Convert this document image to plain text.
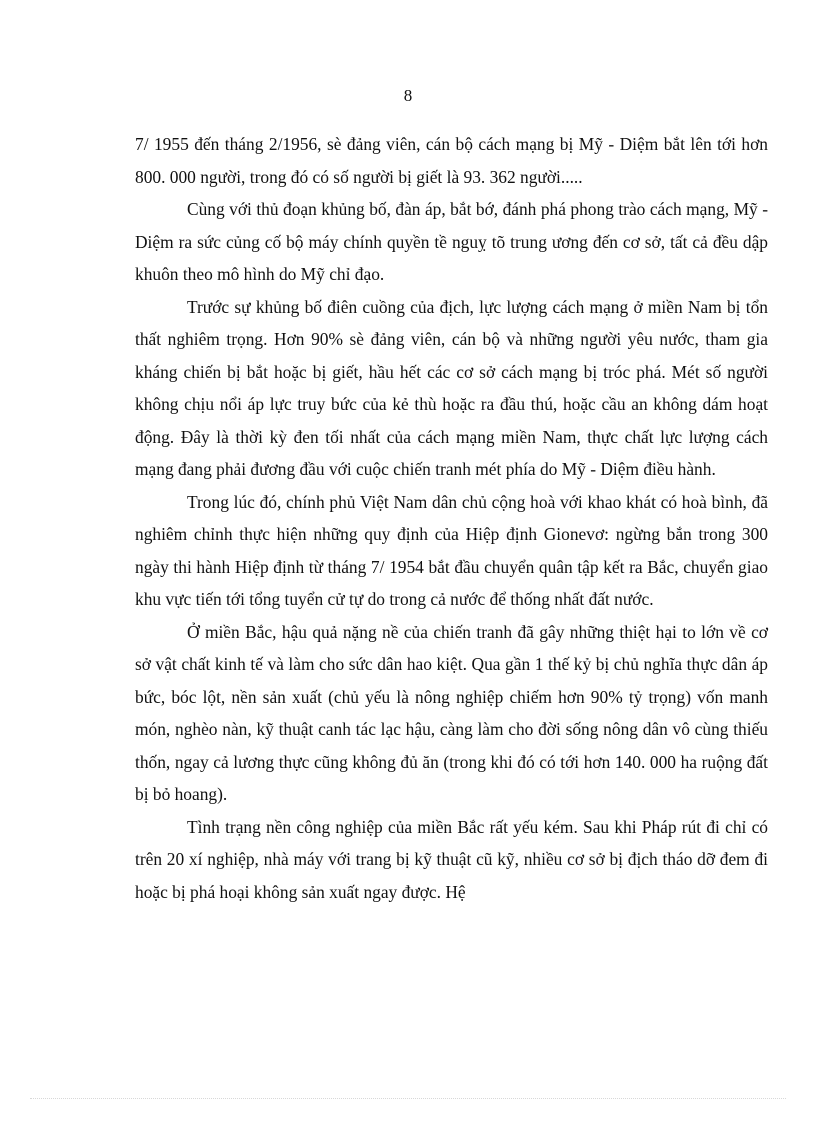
8

7/ 1955 đến tháng 2/1956, sè đảng viên, cán bộ cách mạng bị Mỹ - Diệm bắt lên tới hơn 800. 000 người, trong đó có số người bị giết là 93. 362 người.....

Cùng với thủ đoạn khủng bố, đàn áp, bắt bớ, đánh phá phong trào cách mạng, Mỹ - Diệm ra sức củng cố bộ máy chính quyền tề nguỵ tõ trung ương đến cơ sở, tất cả đều dập khuôn theo mô hình do Mỹ chỉ đạo.

Trước sự khủng bố điên cuồng của địch, lực lượng cách mạng ở miền Nam bị tổn thất nghiêm trọng. Hơn 90% sè đảng viên, cán bộ và những người yêu nước, tham gia kháng chiến bị bắt hoặc bị giết, hầu hết các cơ sở cách mạng bị tróc phá. Mét số người không chịu nổi áp lực truy bức của kẻ thù hoặc ra đầu thú, hoặc cầu an không dám hoạt động. Đây là thời kỳ đen tối nhất của cách mạng miền Nam, thực chất lực lượng cách mạng đang phải đương đầu với cuộc chiến tranh mét phía do Mỹ - Diệm điều hành.

Trong lúc đó, chính phủ Việt Nam dân chủ cộng hoà với khao khát có hoà bình, đã nghiêm chỉnh thực hiện những quy định của Hiệp định Gionevơ: ngừng bắn trong 300 ngày thi hành Hiệp định từ tháng 7/ 1954 bắt đầu chuyển quân tập kết ra Bắc, chuyển giao khu vực tiến tới tổng tuyển cử tự do trong cả nước để thống nhất đất nước.

Ở miền Bắc, hậu quả nặng nề của chiến tranh đã gây những thiệt hại to lớn về cơ sở vật chất kinh tế và làm cho sức dân hao kiệt. Qua gần 1 thế kỷ bị chủ nghĩa thực dân áp bức, bóc lột, nền sản xuất (chủ yếu là nông nghiệp chiếm hơn 90% tỷ trọng) vốn manh món, nghèo nàn, kỹ thuật canh tác lạc hậu, càng làm cho đời sống nông dân vô cùng thiếu thốn, ngay cả lương thực cũng không đủ ăn (trong khi đó có tới hơn 140. 000 ha ruộng đất bị bỏ hoang).

Tình trạng nền công nghiệp của miền Bắc rất yếu kém. Sau khi Pháp rút đi chỉ có trên 20 xí nghiệp, nhà máy với trang bị kỹ thuật cũ kỹ, nhiều cơ sở bị địch tháo dỡ đem đi hoặc bị phá hoại không sản xuất ngay được. Hệ
